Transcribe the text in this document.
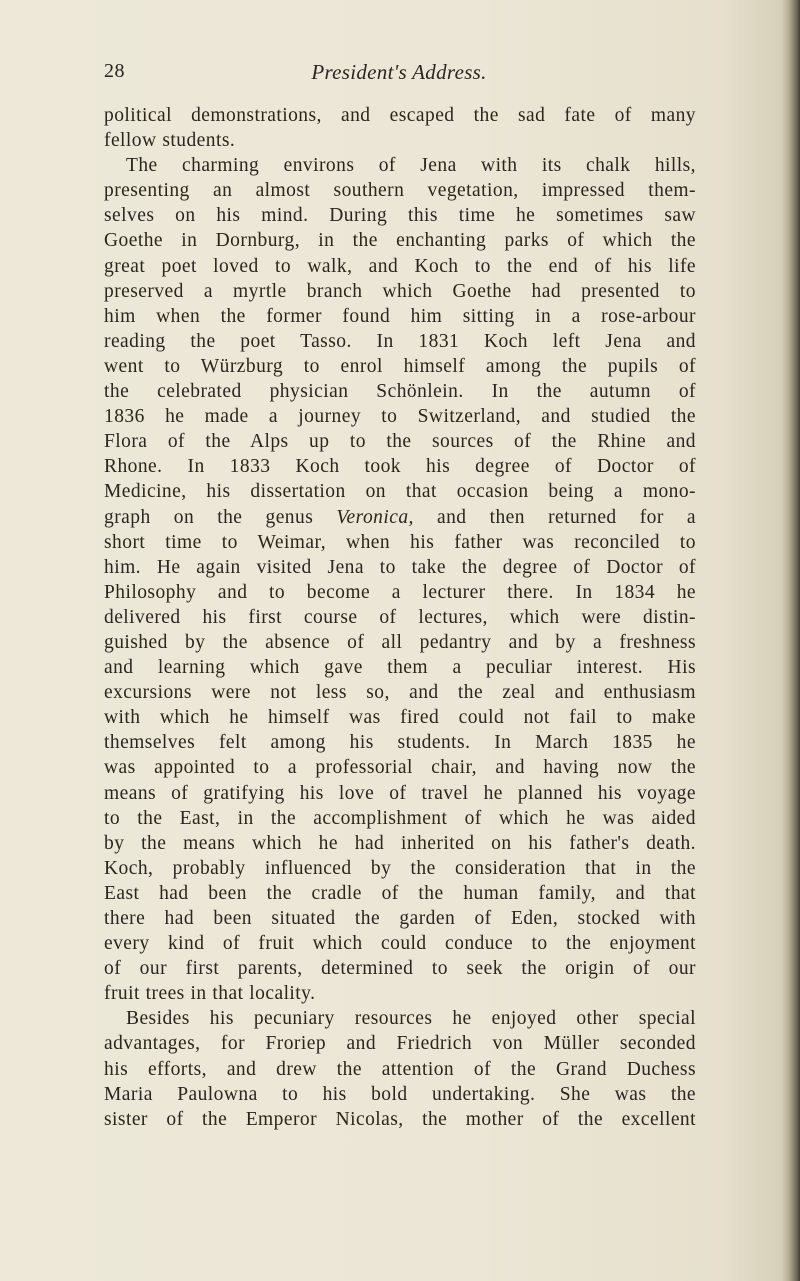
28	President's Address.
political demonstrations, and escaped the sad fate of many
fellow students.
The charming environs of Jena with its chalk hills,
presenting an almost southern vegetation, impressed them-
selves on his mind. During this time he sometimes saw
Goethe in Dornburg, in the enchanting parks of which the
great poet loved to walk, and Koch to the end of his life
preserved a myrtle branch which Goethe had presented to
him when the former found him sitting in a rose-arbour
reading the poet Tasso. In 1831 Koch left Jena and
went to Würzburg to enrol himself among the pupils of
the celebrated physician Schönlein. In the autumn of
1836 he made a journey to Switzerland, and studied the
Flora of the Alps up to the sources of the Rhine and
Rhone. In 1833 Koch took his degree of Doctor of
Medicine, his dissertation on that occasion being a mono-
graph on the genus Veronica, and then returned for a
short time to Weimar, when his father was reconciled to
him. He again visited Jena to take the degree of Doctor of
Philosophy and to become a lecturer there. In 1834 he
delivered his first course of lectures, which were distin-
guished by the absence of all pedantry and by a freshness
and learning which gave them a peculiar interest. His
excursions were not less so, and the zeal and enthusiasm
with which he himself was fired could not fail to make
themselves felt among his students. In March 1835 he
was appointed to a professorial chair, and having now the
means of gratifying his love of travel he planned his voyage
to the East, in the accomplishment of which he was aided
by the means which he had inherited on his father's death.
Koch, probably influenced by the consideration that in the
East had been the cradle of the human family, and that
there had been situated the garden of Eden, stocked with
every kind of fruit which could conduce to the enjoyment
of our first parents, determined to seek the origin of our
fruit trees in that locality.
Besides his pecuniary resources he enjoyed other special
advantages, for Froriep and Friedrich von Müller seconded
his efforts, and drew the attention of the Grand Duchess
Maria Paulowna to his bold undertaking. She was the
sister of the Emperor Nicolas, the mother of the excellent
